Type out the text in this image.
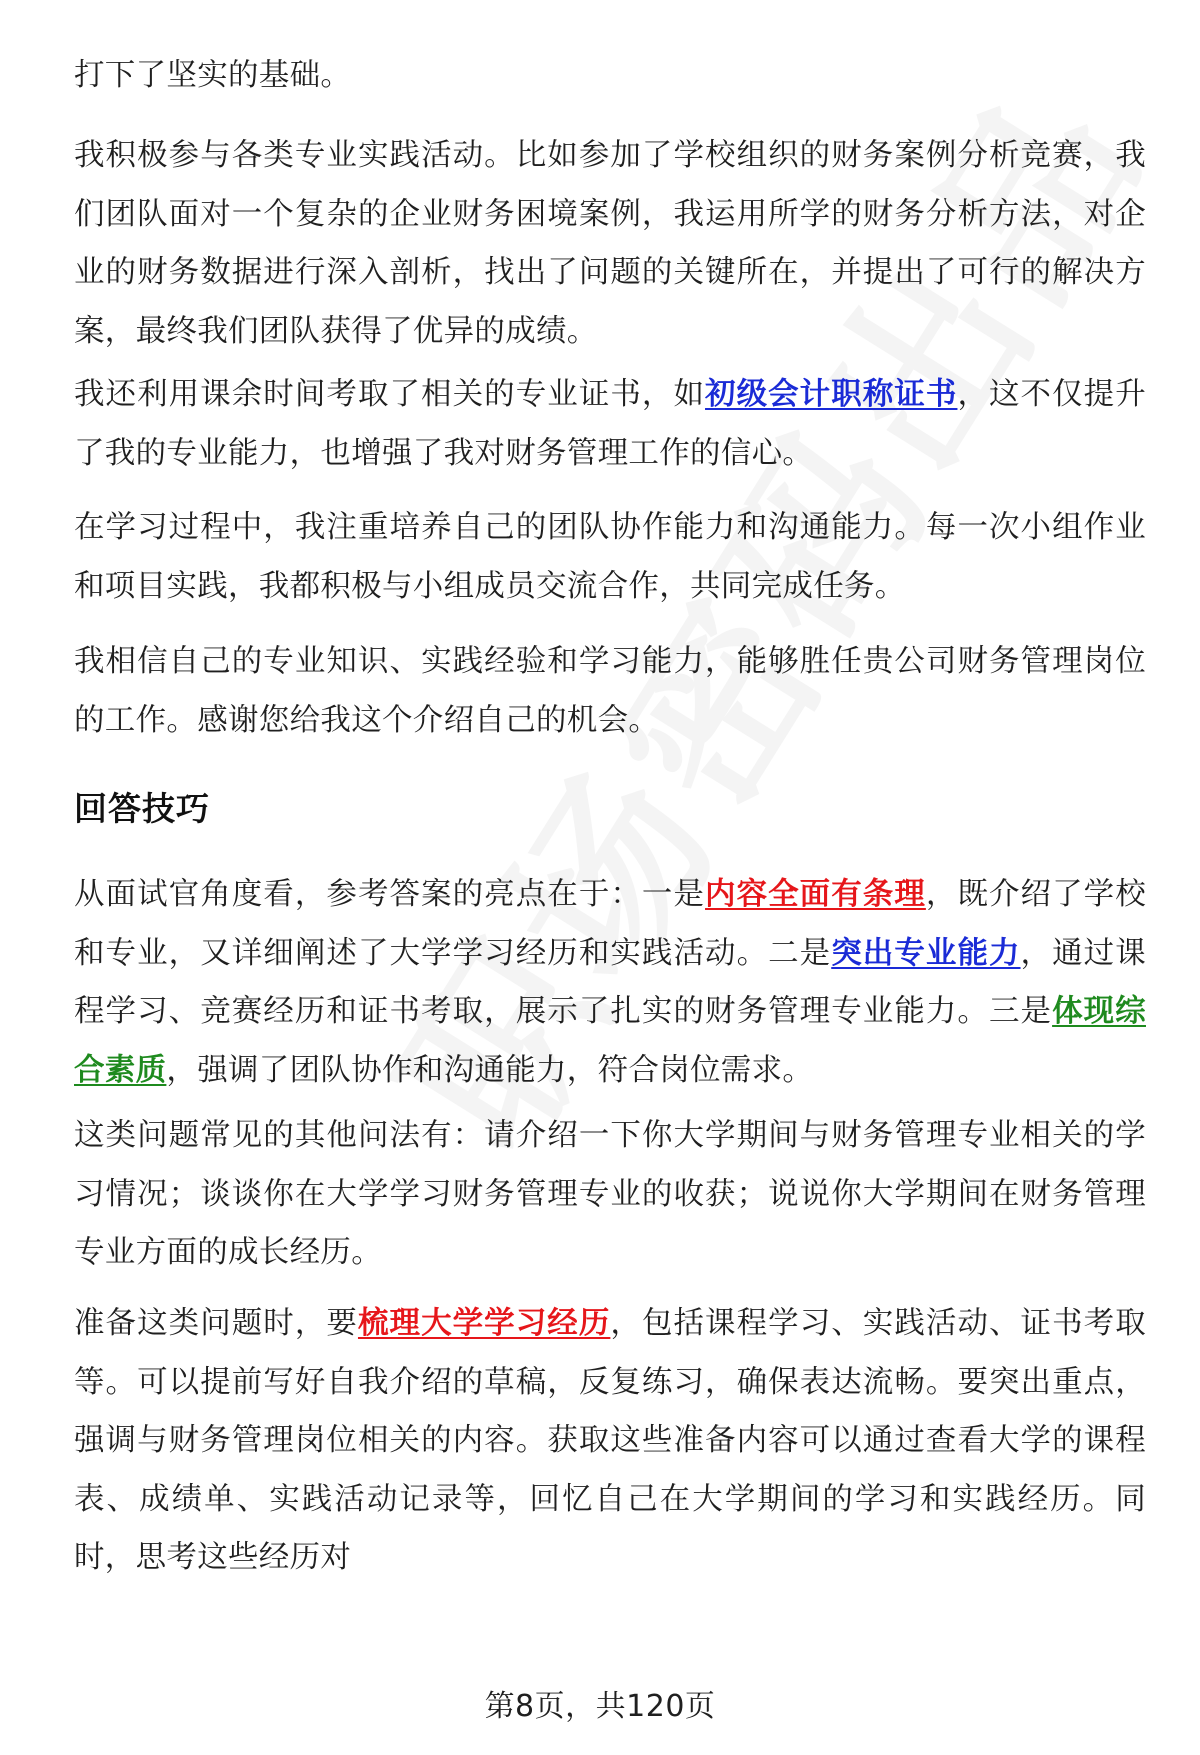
打下了坚实的基础。

我积极参与各类专业实践活动。比如参加了学校组织的财务案例分析竞赛，我们团队面对一个复杂的企业财务困境案例，我运用所学的财务分析方法，对企业的财务数据进行深入剖析，找出了问题的关键所在，并提出了可行的解决方案，最终我们团队获得了优异的成绩。

我还利用课余时间考取了相关的专业证书，如初级会计职称证书，这不仅提升了我的专业能力，也增强了我对财务管理工作的信心。

在学习过程中，我注重培养自己的团队协作能力和沟通能力。每一次小组作业和项目实践，我都积极与小组成员交流合作，共同完成任务。

我相信自己的专业知识、实践经验和学习能力，能够胜任贵公司财务管理岗位的工作。感谢您给我这个介绍自己的机会。

回答技巧

从面试官角度看，参考答案的亮点在于：一是内容全面有条理，既介绍了学校和专业，又详细阐述了大学学习经历和实践活动。二是突出专业能力，通过课程学习、竞赛经历和证书考取，展示了扎实的财务管理专业能力。三是体现综合素质，强调了团队协作和沟通能力，符合岗位需求。

这类问题常见的其他问法有：请介绍一下你大学期间与财务管理专业相关的学习情况；谈谈你在大学学习财务管理专业的收获；说说你大学期间在财务管理专业方面的成长经历。

准备这类问题时，要梳理大学学习经历，包括课程学习、实践活动、证书考取等。可以提前写好自我介绍的草稿，反复练习，确保表达流畅。要突出重点，强调与财务管理岗位相关的内容。获取这些准备内容可以通过查看大学的课程表、成绩单、实践活动记录等，回忆自己在大学期间的学习和实践经历。同时，思考这些经历对

第8页，共120页
